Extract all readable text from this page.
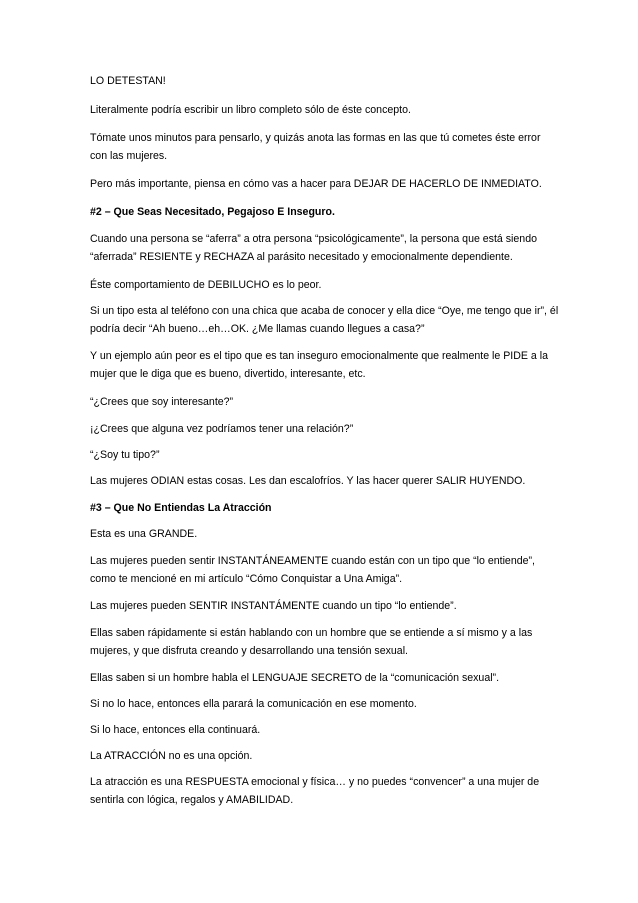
LO DETESTAN!

Literalmente podría escribir un libro completo sólo de éste concepto.

Tómate unos minutos para pensarlo, y quizás anota las formas en las que tú cometes éste error con las mujeres.

Pero más importante, piensa en cómo vas a hacer para DEJAR DE HACERLO DE INMEDIATO.

#2 – Que Seas Necesitado, Pegajoso E Inseguro.

Cuando una persona se “aferra” a otra persona “psicológicamente”, la persona que está siendo “aferrada” RESIENTE y RECHAZA al parásito necesitado y emocionalmente dependiente.

Éste comportamiento de DEBILUCHO es lo peor.

Si un tipo esta al teléfono con una chica que acaba de conocer y ella dice “Oye, me tengo que ir”, él podría decir “Ah bueno…eh…OK. ¿Me llamas cuando llegues a casa?”

Y un ejemplo aún peor es el tipo que es tan inseguro emocionalmente que realmente le PIDE a la mujer que le diga que es bueno, divertido, interesante, etc.

“¿Crees que soy interesante?”

¡¿Crees que alguna vez podríamos tener una relación?”

“¿Soy tu tipo?”

Las mujeres ODIAN estas cosas. Les dan escalofríos. Y las hacer querer SALIR HUYENDO.

#3 – Que No Entiendas La Atracción

Esta es una GRANDE.

Las mujeres pueden sentir INSTANTÁNEAMENTE cuando están con un tipo que “lo entiende”, como te mencioné en mi artículo “Cómo Conquistar a Una Amiga”.

Las mujeres pueden SENTIR INSTANTÁMENTE cuando un tipo “lo entiende”.

Ellas saben rápidamente si están hablando con un hombre que se entiende a sí mismo y a las mujeres, y que disfruta creando y desarrollando una tensión sexual.

Ellas saben si un hombre habla el LENGUAJE SECRETO de la “comunicación sexual”.

Si no lo hace, entonces ella parará la comunicación en ese momento.

Si lo hace, entonces ella continuará.

La ATRACCIÓN no es una opción.

La atracción es una RESPUESTA emocional y física… y no puedes “convencer” a una mujer de sentirla con lógica, regalos y AMABILIDAD.
